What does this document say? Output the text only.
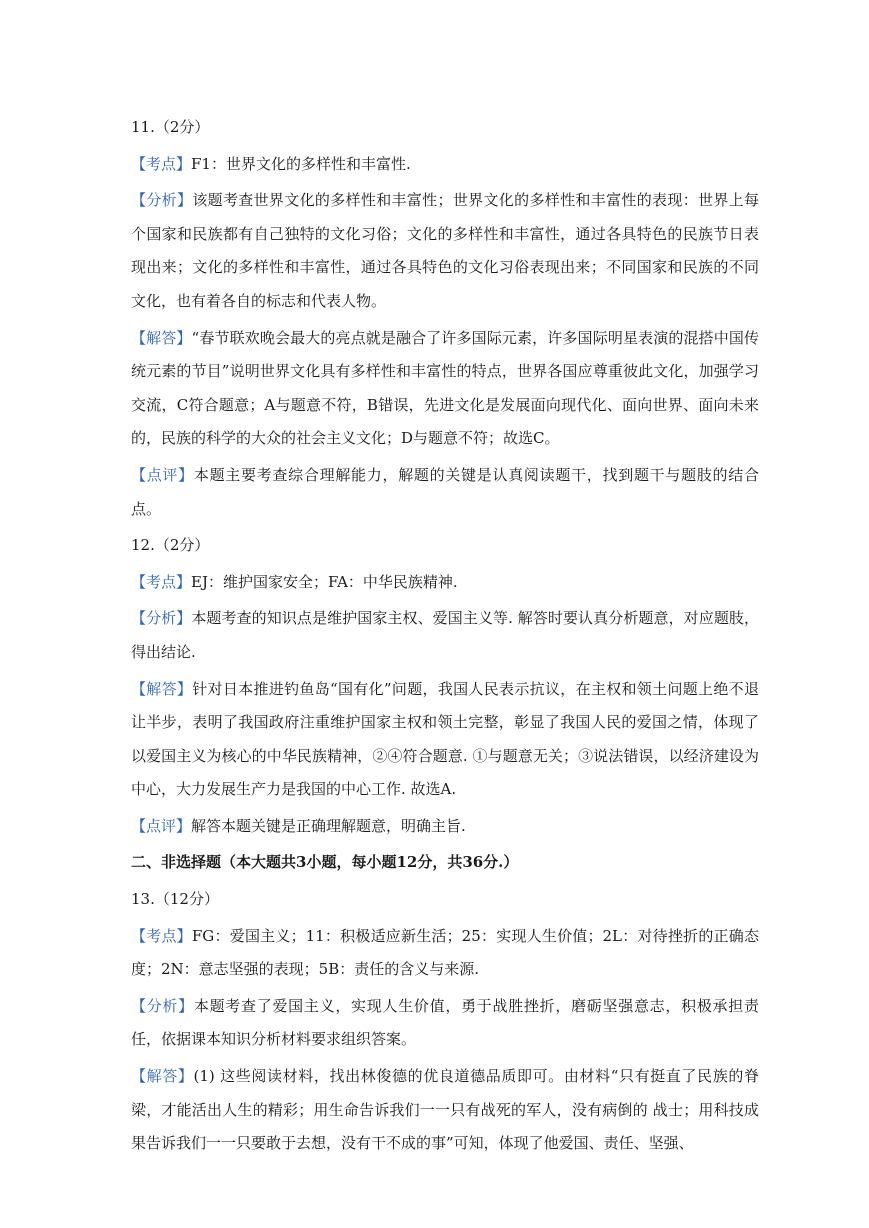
11.（2分）

【考点】F1：世界文化的多样性和丰富性.

【分析】该题考查世界文化的多样性和丰富性；世界文化的多样性和丰富性的表现：世界上每个国家和民族都有自己独特的文化习俗；文化的多样性和丰富性，通过各具特色的民族节日表现出来；文化的多样性和丰富性，通过各具特色的文化习俗表现出来；不同国家和民族的不同文化，也有着各自的标志和代表人物。

【解答】“春节联欢晚会最大的亮点就是融合了许多国际元素，许多国际明星表演的混搭中国传统元素的节目”说明世界文化具有多样性和丰富性的特点，世界各国应尊重彼此文化，加强学习交流，C符合题意；A与题意不符，B错误，先进文化是发展面向现代化、面向世界、面向未来的，民族的科学的大众的社会主义文化；D与题意不符；故选C。

【点评】本题主要考查综合理解能力，解题的关键是认真阅读题干，找到题干与题肢的结合点。

12.（2分）

【考点】EJ：维护国家安全；FA：中华民族精神.

【分析】本题考查的知识点是维护国家主权、爱国主义等. 解答时要认真分析题意，对应题肢，得出结论.

【解答】针对日本推进钓鱼岛“国有化”问题，我国人民表示抗议，在主权和领土问题上绝不退让半步，表明了我国政府注重维护国家主权和领土完整，彰显了我国人民的爱国之情，体现了以爱国主义为核心的中华民族精神，②④符合题意. ①与题意无关；③说法错误，以经济建设为中心，大力发展生产力是我国的中心工作. 故选A.

【点评】解答本题关键是正确理解题意，明确主旨.

二、非选择题（本大题共3小题，每小题12分，共36分.）

13.（12分）

【考点】FG：爱国主义；11：积极适应新生活；25：实现人生价值；2L：对待挫折的正确态度；2N：意志坚强的表现；5B：责任的含义与来源.

【分析】本题考查了爱国主义，实现人生价值，勇于战胜挫折，磨砺坚强意志，积极承担责任，依据课本知识分析材料要求组织答案。

【解答】(1) 这些阅读材料，找出林俊德的优良道德品质即可。由材料“只有挺直了民族的脊梁，才能活出人生的精彩；用生命告诉我们一一只有战死的军人，没有病倒的 战士；用科技成果告诉我们一一只要敢于去想，没有干不成的事”可知，体现了他爱国、责任、坚强、
